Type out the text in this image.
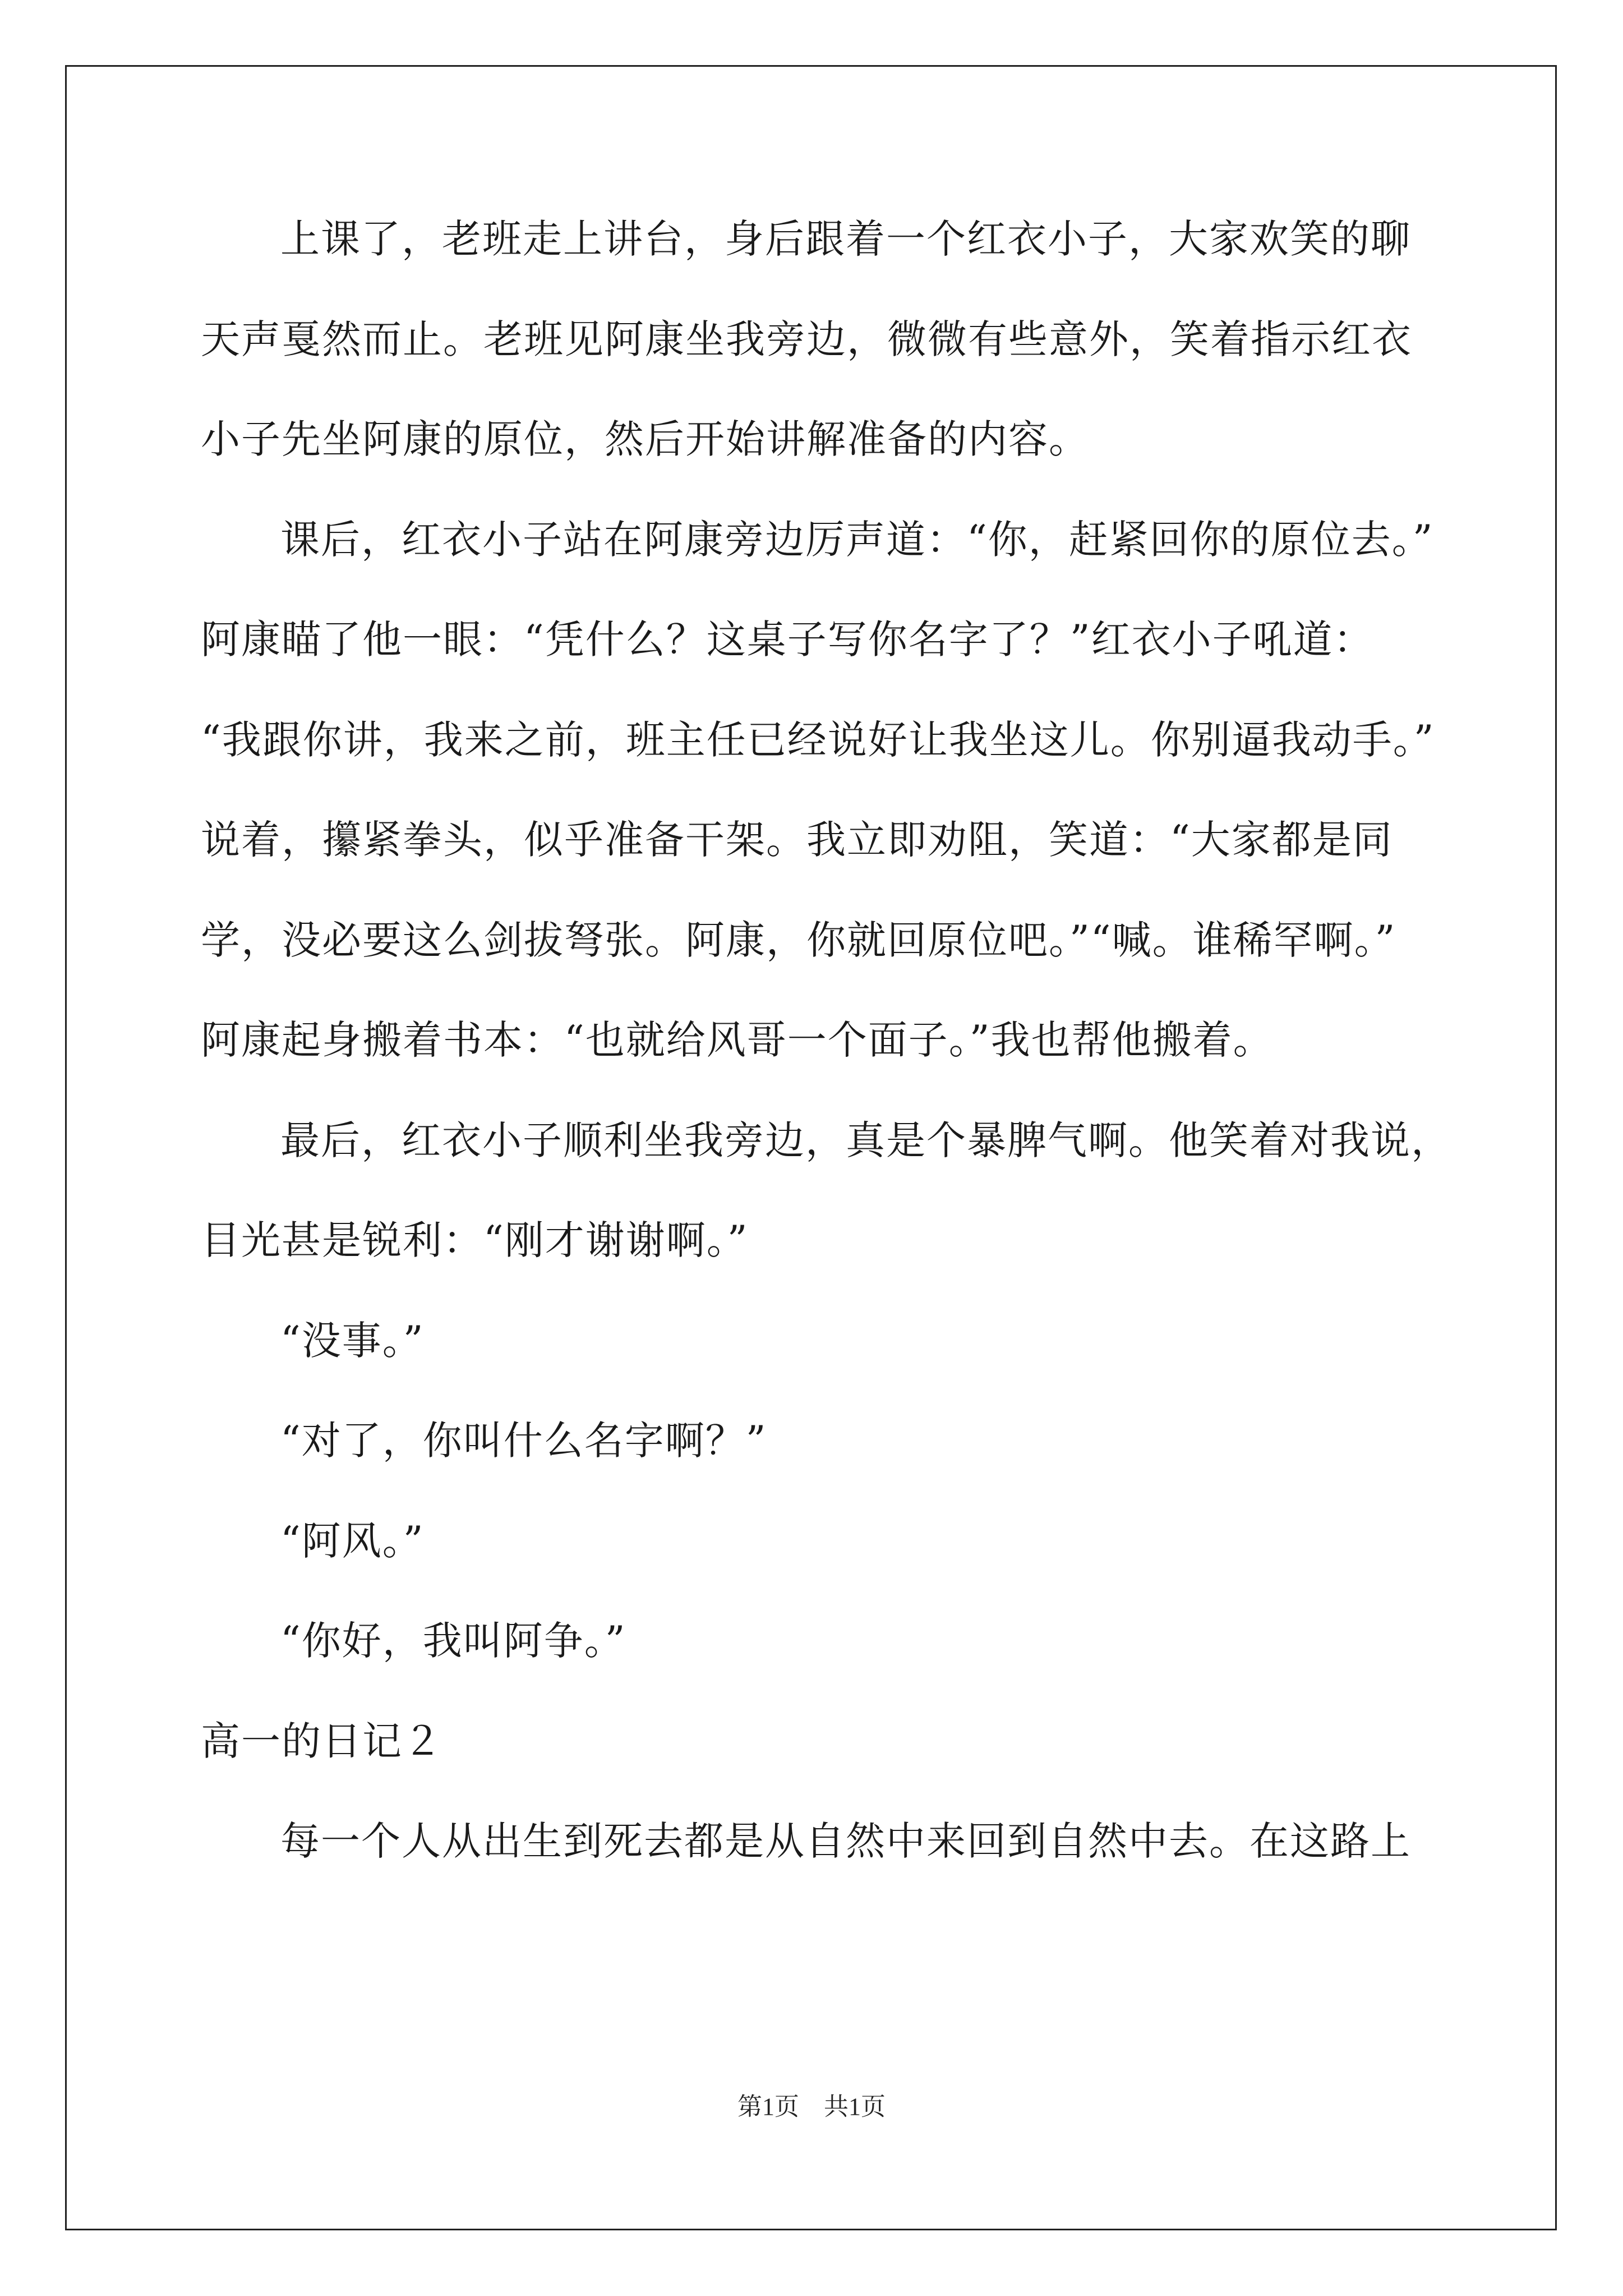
上课了，老班走上讲台，身后跟着一个红衣小子，大家欢笑的聊
天声戛然而止。老班见阿康坐我旁边，微微有些意外，笑着指示红衣
小子先坐阿康的原位，然后开始讲解准备的内容。
课后，红衣小子站在阿康旁边厉声道：“你，赶紧回你的原位去。”
阿康瞄了他一眼：“凭什么？这桌子写你名字了？”红衣小子吼道：
“我跟你讲，我来之前，班主任已经说好让我坐这儿。你别逼我动手。”
说着，攥紧拳头，似乎准备干架。我立即劝阻，笑道：“大家都是同
学，没必要这么剑拔弩张。阿康，你就回原位吧。”“喊。谁稀罕啊。”
阿康起身搬着书本：“也就给风哥一个面子。”我也帮他搬着。
最后，红衣小子顺利坐我旁边，真是个暴脾气啊。他笑着对我说，
目光甚是锐利：“刚才谢谢啊。”
“没事。”
“对了，你叫什么名字啊？”
“阿风。”
“你好，我叫阿争。”
高一的日记２
每一个人从出生到死去都是从自然中来回到自然中去。在这路上
第1页　共1页
